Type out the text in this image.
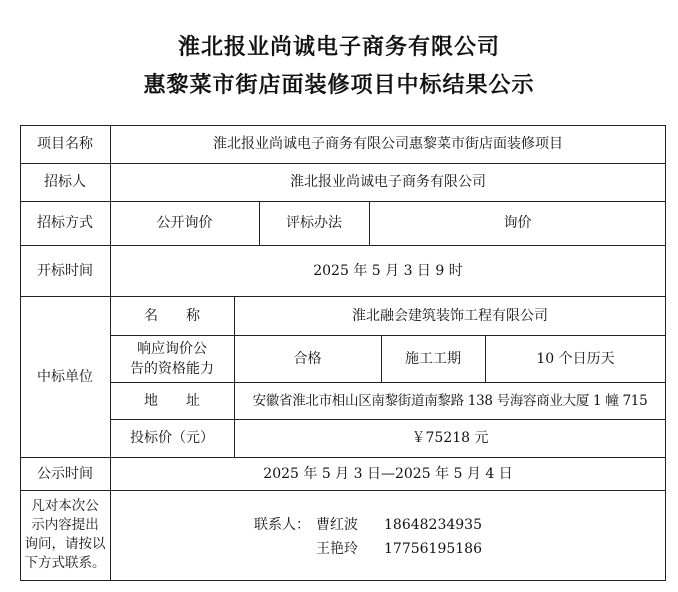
淮北报业尚诚电子商务有限公司
惠黎菜市街店面装修项目中标结果公示
项目名称	淮北报业尚诚电子商务有限公司惠黎菜市街店面装修项目
招标人	淮北报业尚诚电子商务有限公司
招标方式	公开询价	评标办法	询价
开标时间	2025 年 5 月 3 日 9 时
中标单位
名　　称	淮北融会建筑装饰工程有限公司
响应询价公
告的资格能力
合格	施工工期	10 个日历天
地　　址	安徽省淮北市相山区南黎街道南黎路 138 号海容商业大厦 1 幢 715
投标价（元）	￥75218 元
公示时间	2025 年 5 月 3 日—2025 年 5 月 4 日
凡对本次公
示内容提出
询问，请按以
下方式联系。
联系人： 曹红波	18648234935
王艳玲	17756195186
